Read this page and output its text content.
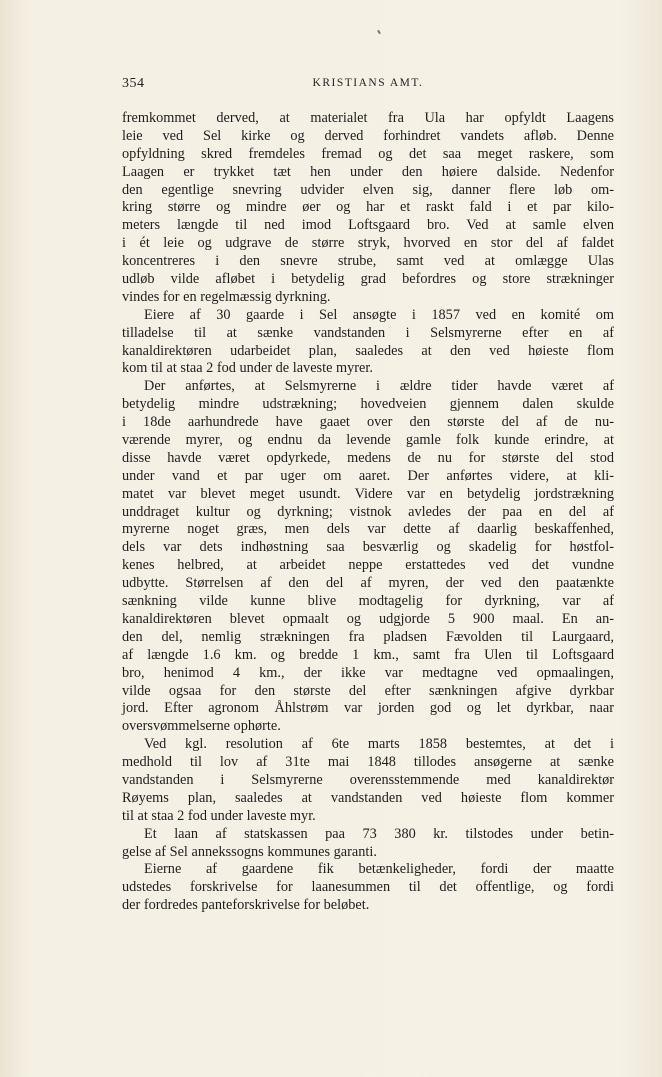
354	KRISTIANS AMT.
fremkommet derved, at materialet fra Ula har opfyldt Laagens
leie ved Sel kirke og derved forhindret vandets afløb. Denne
opfyldning skred fremdeles fremad og det saa meget raskere, som
Laagen er trykket tæt hen under den høiere dalside. Nedenfor
den egentlige snevring udvider elven sig, danner flere løb om-
kring større og mindre øer og har et raskt fald i et par kilo-
meters længde til ned imod Loftsgaard bro. Ved at samle elven
i ét leie og udgrave de større stryk, hvorved en stor del af faldet
koncentreres i den snevre strube, samt ved at omlægge Ulas
udløb vilde afløbet i betydelig grad befordres og store strækninger
vindes for en regelmæssig dyrkning.
Eiere af 30 gaarde i Sel ansøgte i 1857 ved en komité om
tilladelse til at sænke vandstanden i Selsmyrerne efter en af
kanaldirektøren udarbeidet plan, saaledes at den ved høieste flom
kom til at staa 2 fod under de laveste myrer.
Der anførtes, at Selsmyrerne i ældre tider havde været af
betydelig mindre udstrækning; hovedveien gjennem dalen skulde
i 18de aarhundrede have gaaet over den største del af de nu-
værende myrer, og endnu da levende gamle folk kunde erindre, at
disse havde været opdyrkede, medens de nu for største del stod
under vand et par uger om aaret. Der anførtes videre, at kli-
matet var blevet meget usundt. Videre var en betydelig jordstrækning
unddraget kultur og dyrkning; vistnok avledes der paa en del af
myrerne noget græs, men dels var dette af daarlig beskaffenhed,
dels var dets indhøstning saa besværlig og skadelig for høstfol-
kenes helbred, at arbeidet neppe erstattedes ved det vundne
udbytte. Størrelsen af den del af myren, der ved den paatænkte
sænkning vilde kunne blive modtagelig for dyrkning, var af
kanaldirektøren blevet opmaalt og udgjorde 5 900 maal. En an-
den del, nemlig strækningen fra pladsen Fævolden til Laurgaard,
af længde 1.6 km. og bredde 1 km., samt fra Ulen til Loftsgaard
bro, henimod 4 km., der ikke var medtagne ved opmaalingen,
vilde ogsaa for den største del efter sænkningen afgive dyrkbar
jord. Efter agronom Åhlstrøm var jorden god og let dyrkbar, naar
oversvømmelserne ophørte.
Ved kgl. resolution af 6te marts 1858 bestemtes, at det i
medhold til lov af 31te mai 1848 tillodes ansøgerne at sænke
vandstanden i Selsmyrerne overensstemmende med kanaldirektør
Røyems plan, saaledes at vandstanden ved høieste flom kommer
til at staa 2 fod under laveste myr.
Et laan af statskassen paa 73 380 kr. tilstodes under betin-
gelse af Sel annekssogns kommunes garanti.
Eierne af gaardene fik betænkeligheder, fordi der maatte
udstedes forskrivelse for laanesummen til det offentlige, og fordi
der fordredes panteforskrivelse for beløbet.
